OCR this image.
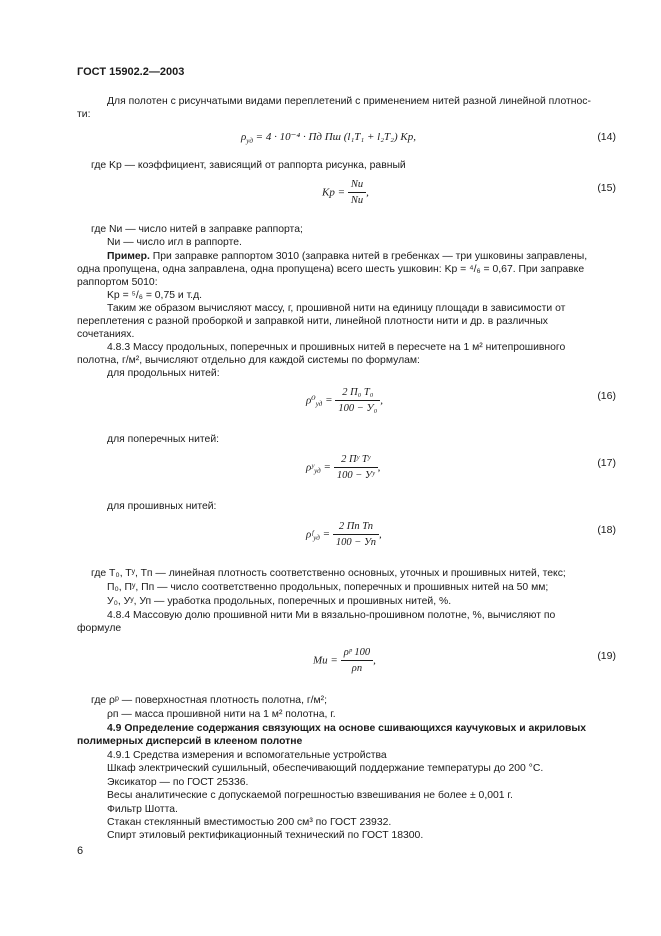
ГОСТ 15902.2—2003
Для полотен с рисунчатыми видами переплетений с применением нитей разной линейной плотнос-
ти:
$\rho_{уд} = 4 \cdot 10^{-4}$ · Пд Пш (l₁T₁ + l₂T₂) Kр,	(14)
где Kр — коэффициент, зависящий от раппорта рисунка, равный
Kр = $\frac{Nи}{Nи}$ ,	(15)
где Nи — число нитей в заправке раппорта;
Nи — число игл в раппорте.
Пример. При заправке раппортом 3010 (заправка нитей в гребенках — три ушковины заправлены,
одна пропущена, одна заправлена, одна пропущена) всего шесть ушковин: Kр = ⁴/₆ = 0,67. При заправке
раппортом 5010:
Kр = ⁵/₆ = 0,75 и т.д.
Таким же образом вычисляют массу, г, прошивной нити на единицу площади в зависимости от
переплетения с разной проборкой и заправкой нити, линейной плотности нити и др. в различных
сочетаниях.
4.8.3 Массу продольных, поперечных и прошивных нитей в пересчете на 1 м² нитепрошивного
полотна, г/м², вычисляют отдельно для каждой системы по формулам:
для продольных нитей:
$\rho^0_{уд} = \frac{\text{2 П₀ Т₀}}{\text{100 − У₀}}$ ,	(16)
для поперечных нитей:
ρʸ$_{уд}$ = $\frac{\text{2 Пʸ Тʸ}}{\text{100 − Уʸ}}$ ,	(17)
для прошивных нитей:
ρᶠ$_{уд}$ = $\frac{\text{2 Пп Тп}}{100 - Уп}$ ,	(18)
где T₀, Tʸ, Tп — линейная плотность соответственно основных, уточных и прошивных нитей, текс;
П₀, Пʸ, Пп — число соответственно продольных, поперечных и прошивных нитей на 50 мм;
У₀, Уʸ, Уп — уработка продольных, поперечных и прошивных нитей, %.
4.8.4 Массовую долю прошивной нити Mи в вязально-прошивном полотне, %, вычисляют по
формуле
Mи = $\frac{\text{ρᵖ 100}}{\rho п}$ ,	(19)
где ρᵖ — поверхностная плотность полотна, г/м²;
ρп — масса прошивной нити на 1 м² полотна, г.
4.9 Определение содержания связующих на основе сшивающихся каучуковых и акриловых
полимерных дисперсий в клееном полотне
4.9.1 Средства измерения и вспомогательные устройства
Шкаф электрический сушильный, обеспечивающий поддержание температуры до 200 °С.
Эксикатор — по ГОСТ 25336.
Весы аналитические с допускаемой погрешностью взвешивания не более ± 0,001 г.
Фильтр Шотта.
Стакан стеклянный вместимостью 200 см³ по ГОСТ 23932.
Спирт этиловый ректификационный технический по ГОСТ 18300.
6
